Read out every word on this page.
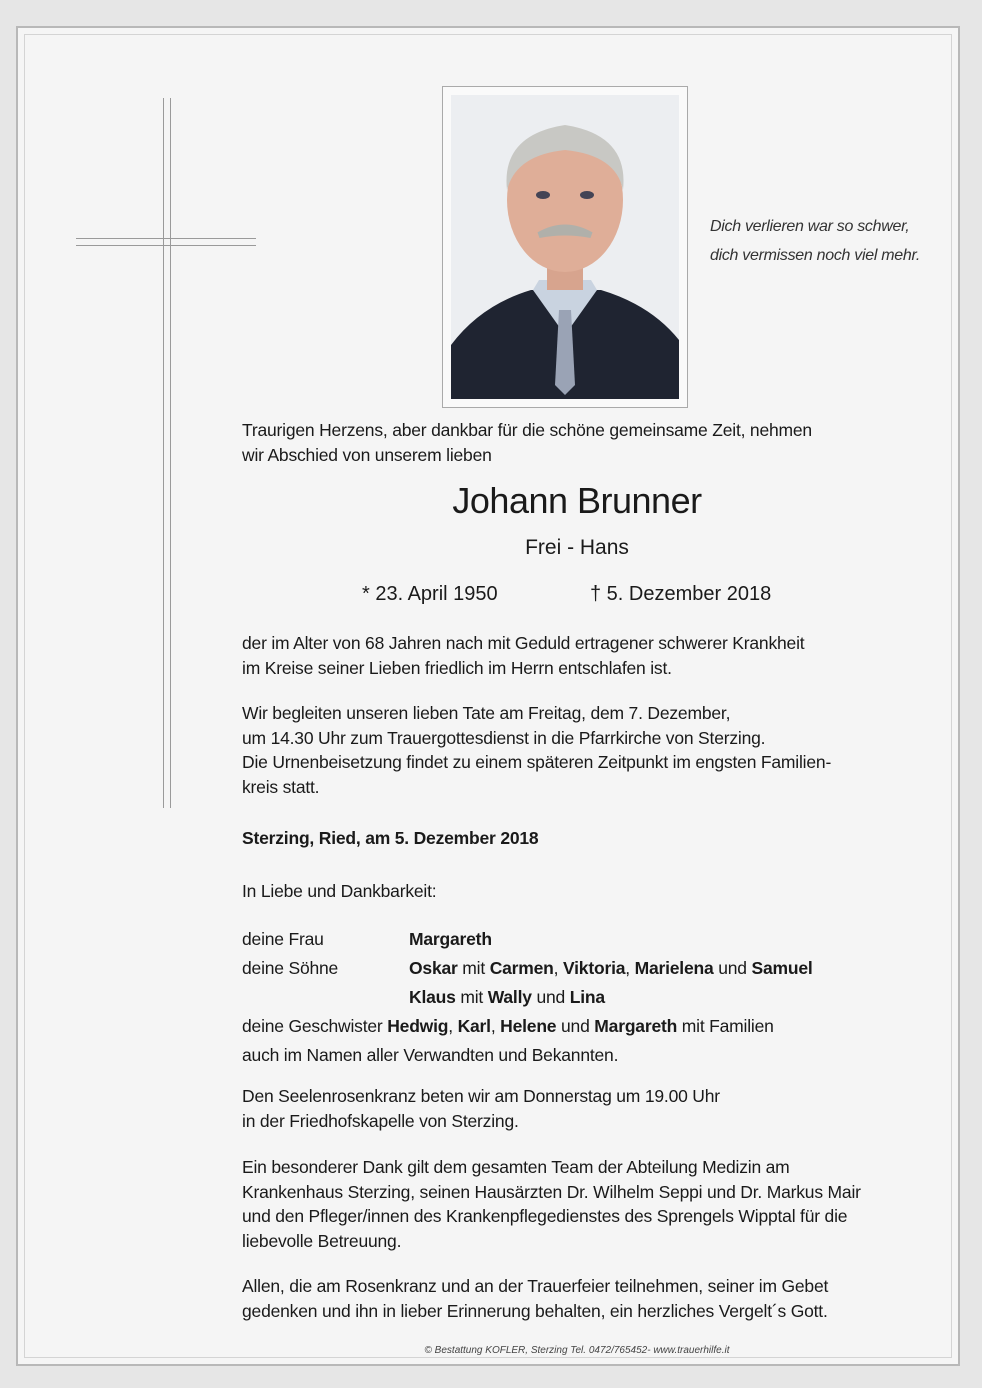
Dich verlieren war so schwer,
dich vermissen noch viel mehr.
Traurigen Herzens, aber dankbar für die schöne gemeinsame Zeit, nehmen
wir Abschied von unserem lieben
Johann Brunner
Frei - Hans
* 23. April 1950	† 5. Dezember 2018
der im Alter von 68 Jahren nach mit Geduld ertragener schwerer Krankheit
im Kreise seiner Lieben friedlich im Herrn entschlafen ist.
Wir begleiten unseren lieben Tate am Freitag, dem 7. Dezember,
um 14.30 Uhr zum Trauergottesdienst in die Pfarrkirche von Sterzing.
Die Urnenbeisetzung findet zu einem späteren Zeitpunkt im engsten Familien-
kreis statt.
Sterzing, Ried, am 5. Dezember 2018
In Liebe und Dankbarkeit:
deine Frau	Margareth
deine Söhne	Oskar mit Carmen, Viktoria, Marielena und Samuel
Klaus mit Wally und Lina
deine Geschwister Hedwig, Karl, Helene und Margareth mit Familien
auch im Namen aller Verwandten und Bekannten.
Den Seelenrosenkranz beten wir am Donnerstag um 19.00 Uhr
in der Friedhofskapelle von Sterzing.
Ein besonderer Dank gilt dem gesamten Team der Abteilung Medizin am
Krankenhaus Sterzing, seinen Hausärzten Dr. Wilhelm Seppi und Dr. Markus Mair
und den Pfleger/innen des Krankenpflegedienstes des Sprengels Wipptal für die
liebevolle Betreuung.
Allen, die am Rosenkranz und an der Trauerfeier teilnehmen, seiner im Gebet
gedenken und ihn in lieber Erinnerung behalten, ein herzliches Vergelt´s Gott.
© Bestattung KOFLER, Sterzing Tel. 0472/765452- www.trauerhilfe.it
